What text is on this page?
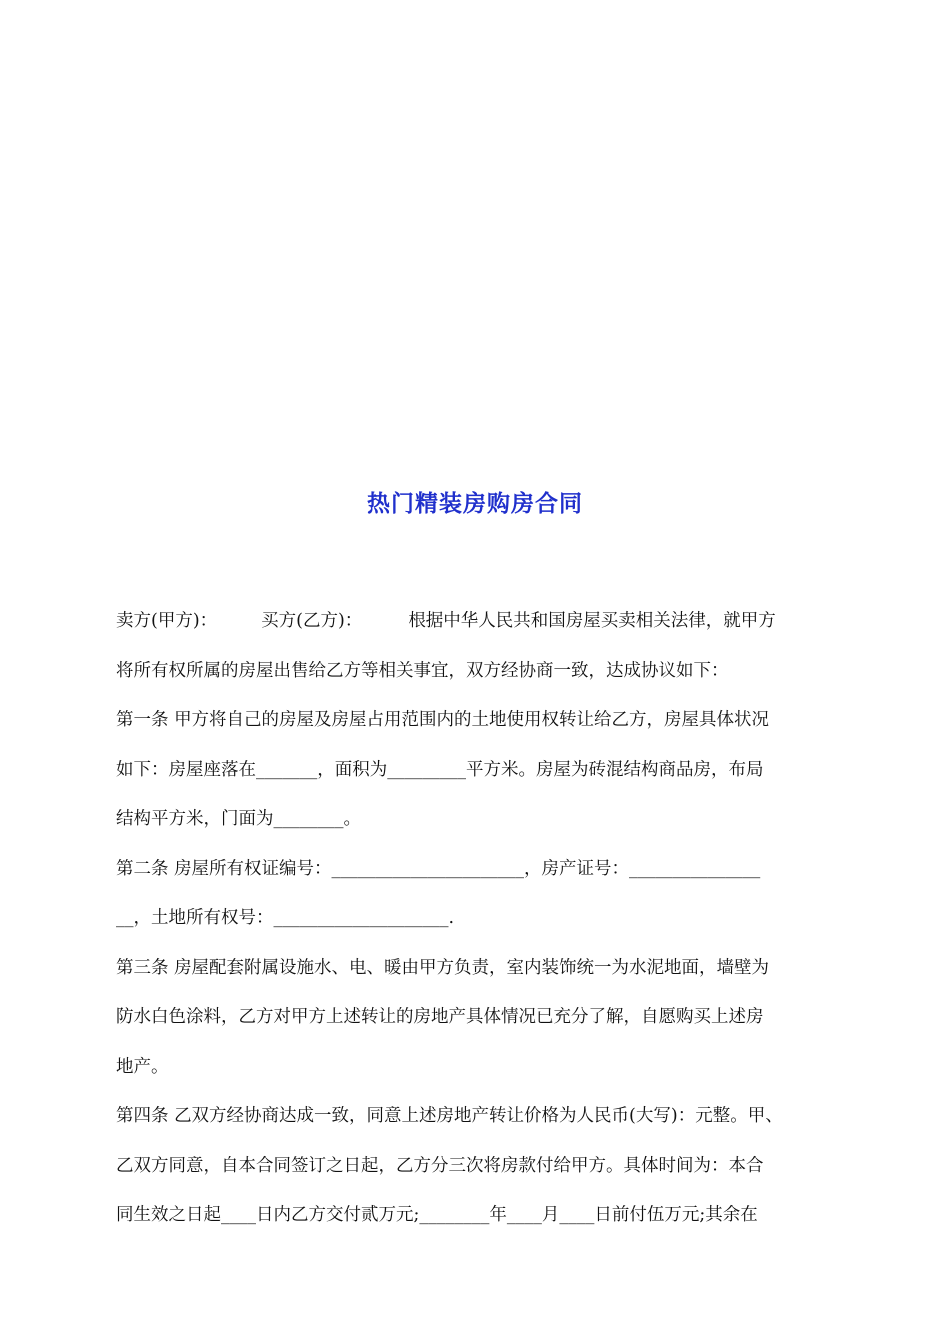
热门精装房购房合同
卖方(甲方)：	买方(乙方)：	根据中华人民共和国房屋买卖相关法律，就甲方
将所有权所属的房屋出售给乙方等相关事宜，双方经协商一致，达成协议如下：
第一条 甲方将自己的房屋及房屋占用范围内的土地使用权转让给乙方，房屋具体状况
如下：房屋座落在_______，面积为_________平方米。房屋为砖混结构商品房，布局
结构平方米，门面为________。
第二条 房屋所有权证编号：______________________，房产证号：_______________
__，土地所有权号：____________________.
第三条 房屋配套附属设施水、电、暖由甲方负责，室内装饰统一为水泥地面，墙壁为
防水白色涂料，乙方对甲方上述转让的房地产具体情况已充分了解，自愿购买上述房
地产。
第四条 乙双方经协商达成一致，同意上述房地产转让价格为人民币(大写)：元整。甲、
乙双方同意，自本合同签订之日起，乙方分三次将房款付给甲方。具体时间为：本合
同生效之日起____日内乙方交付贰万元;________年____月____日前付伍万元;其余在
